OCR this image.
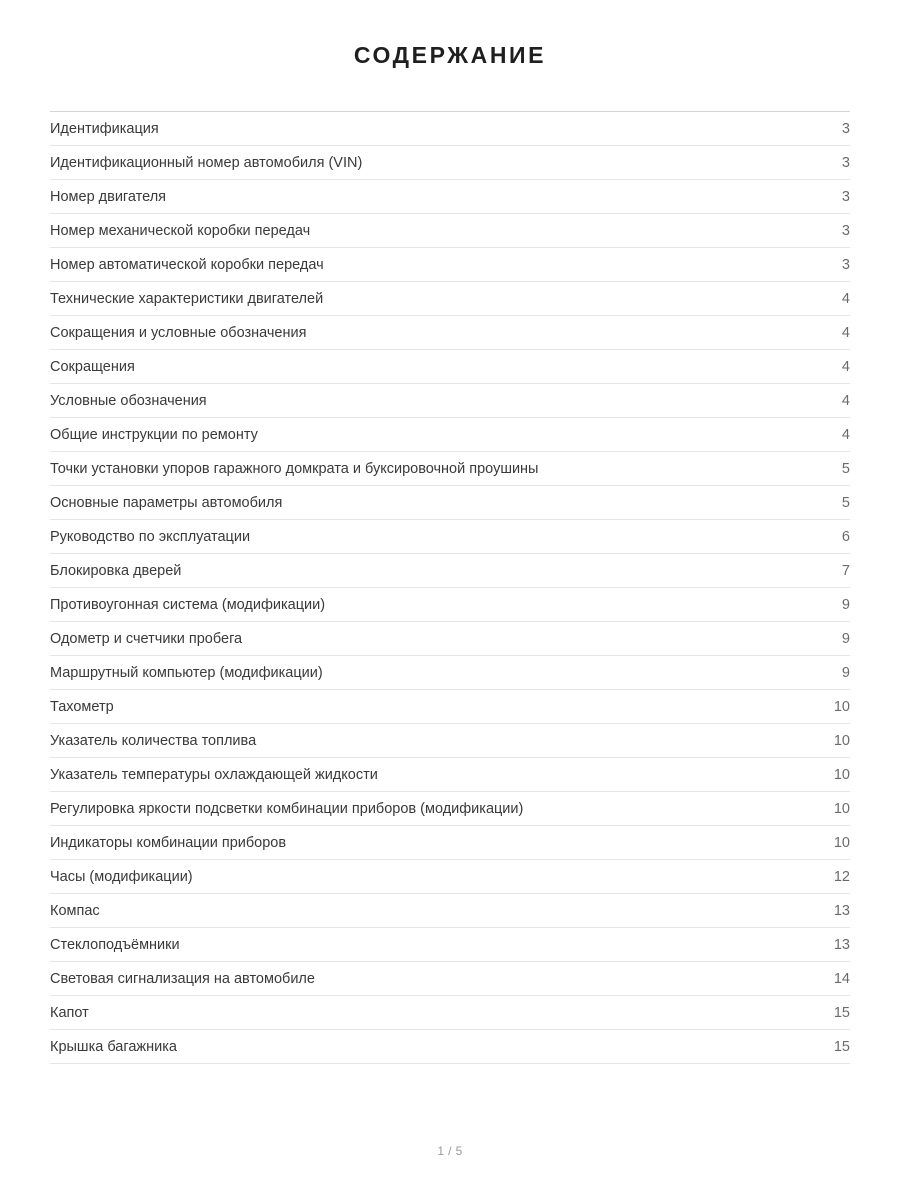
СОДЕРЖАНИЕ
Идентификация	3
Идентификационный номер автомобиля (VIN)	3
Номер двигателя	3
Номер механической коробки передач	3
Номер автоматической коробки передач	3
Технические характеристики двигателей	4
Сокращения и условные обозначения	4
Сокращения	4
Условные обозначения	4
Общие инструкции по ремонту	4
Точки установки упоров гаражного домкрата и буксировочной проушины	5
Основные параметры автомобиля	5
Руководство по эксплуатации	6
Блокировка дверей	7
Противоугонная система (модификации)	9
Одометр и счетчики пробега	9
Маршрутный компьютер (модификации)	9
Тахометр	10
Указатель количества топлива	10
Указатель температуры охлаждающей жидкости	10
Регулировка яркости подсветки комбинации приборов (модификации)	10
Индикаторы комбинации приборов	10
Часы (модификации)	12
Компас	13
Стеклоподъёмники	13
Световая сигнализация на автомобиле	14
Капот	15
Крышка багажника	15
1 / 5
